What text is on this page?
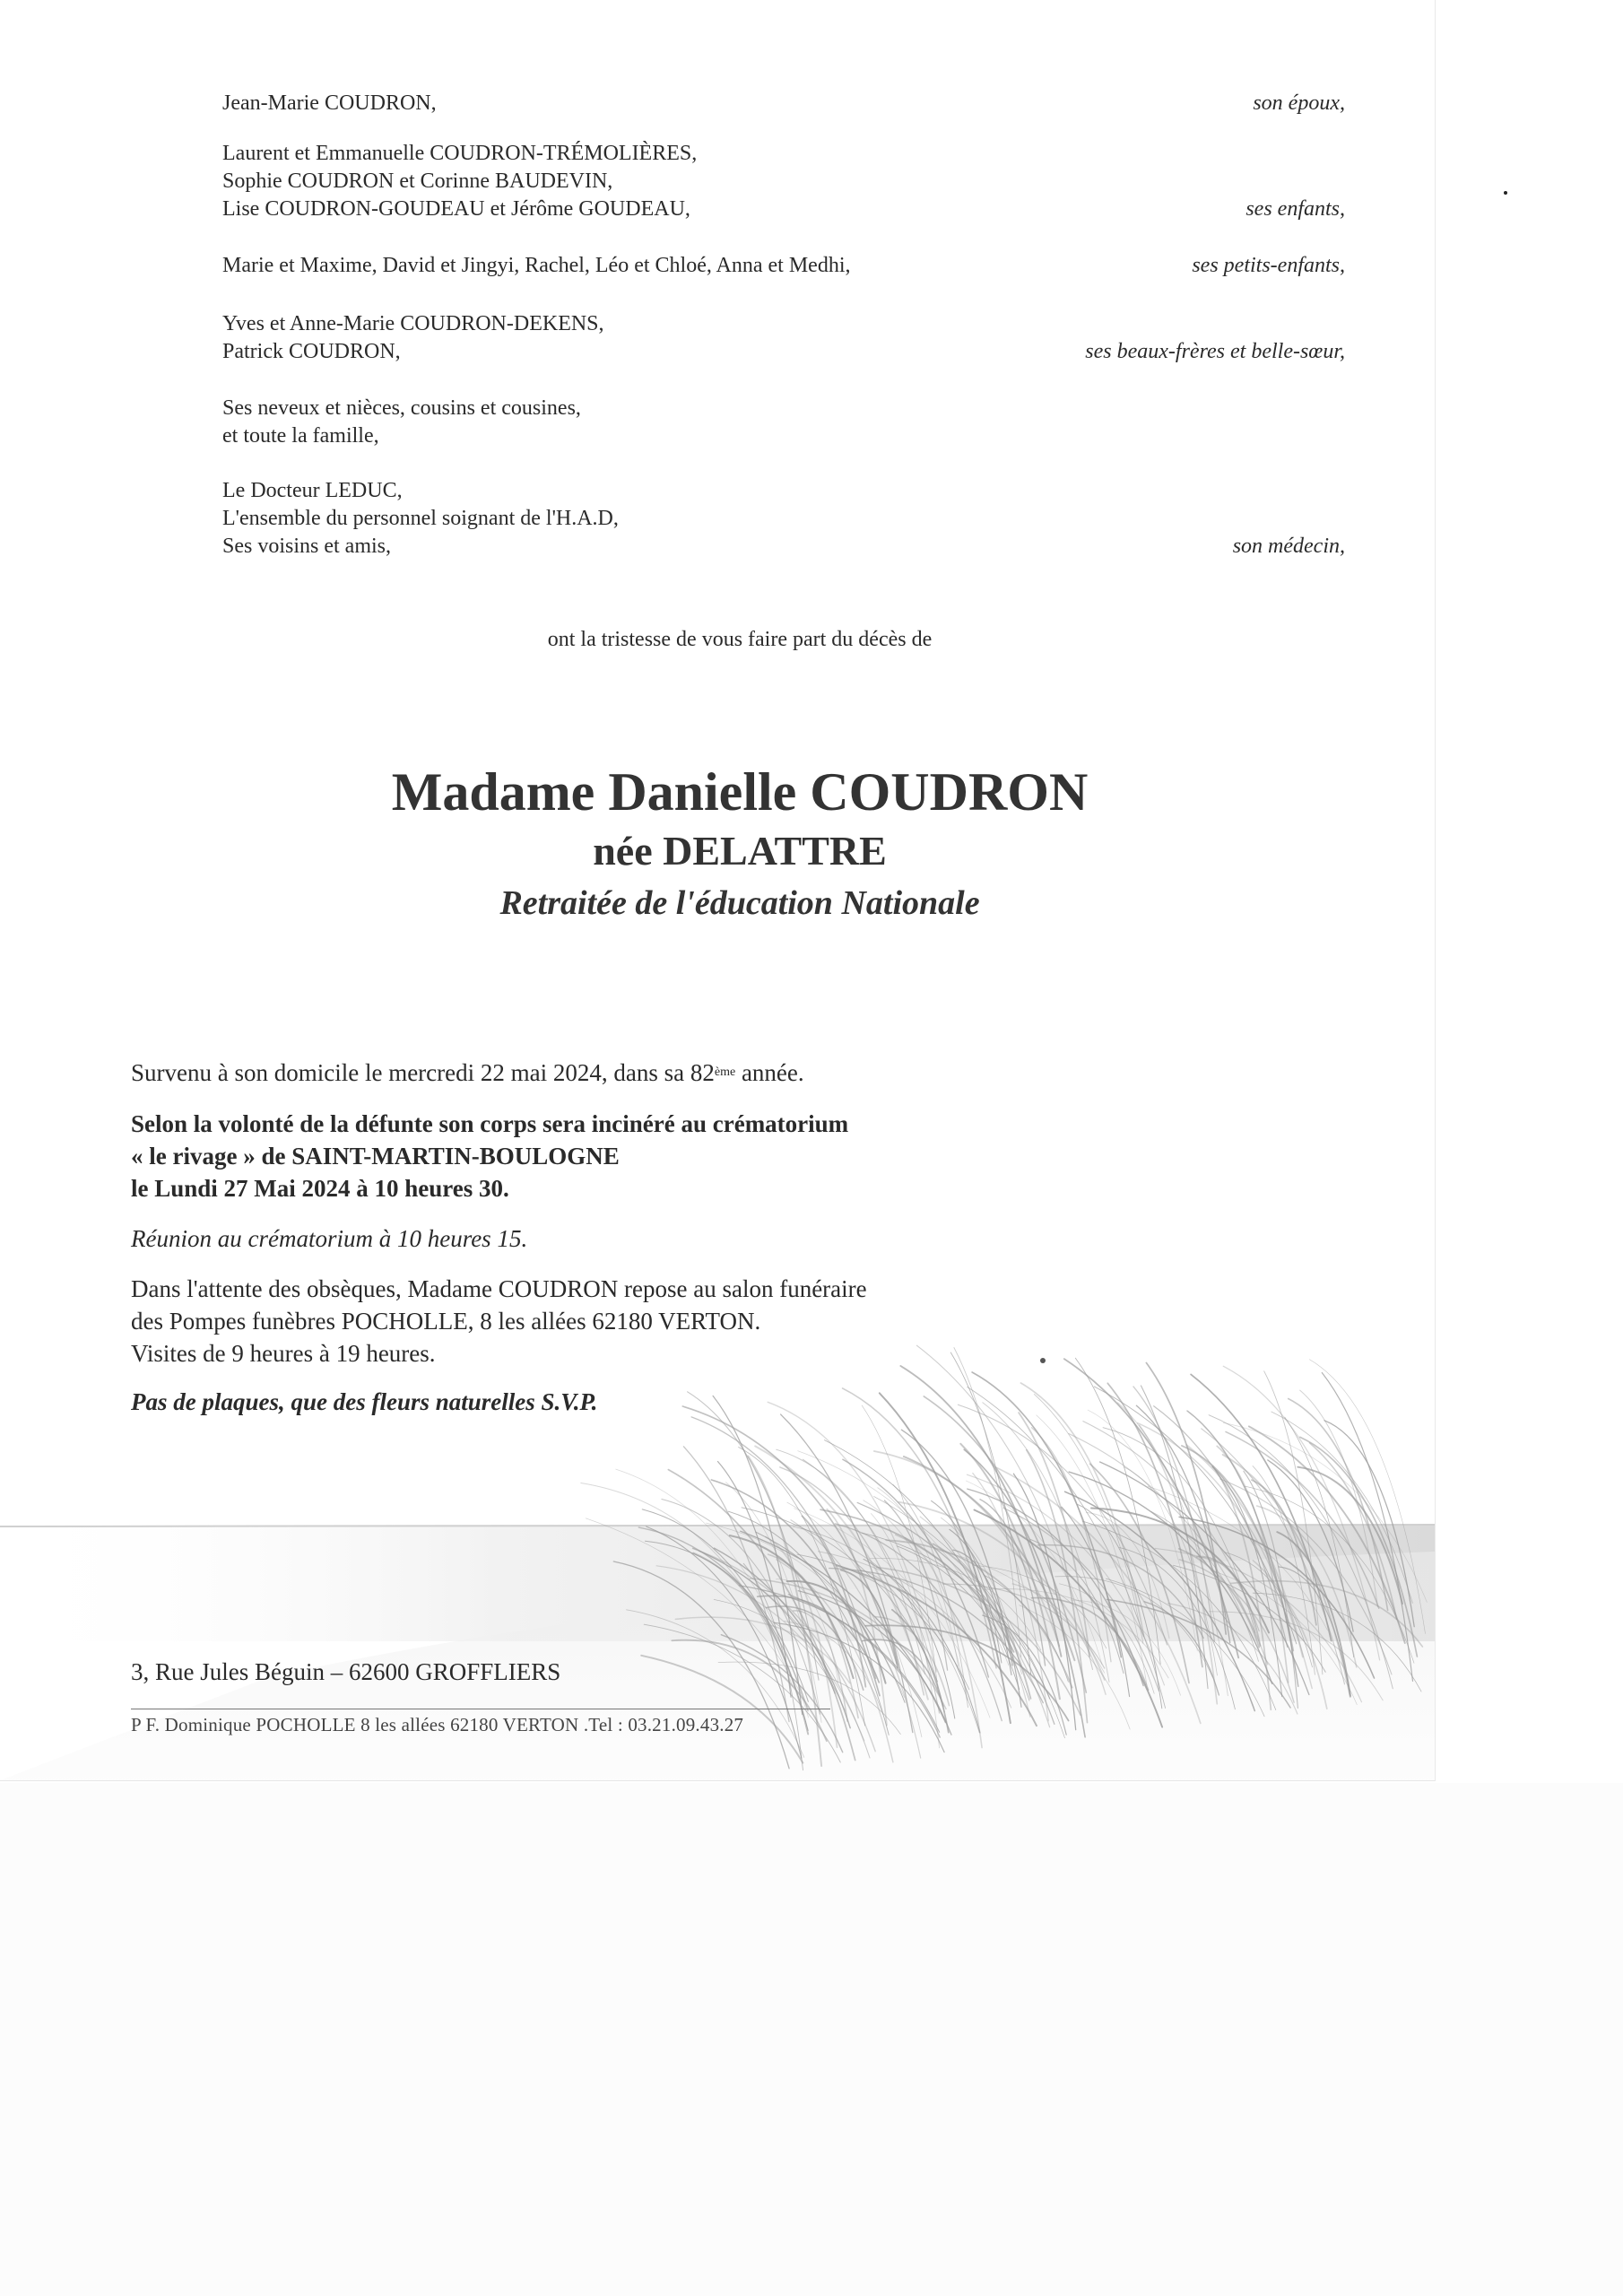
Jean-Marie COUDRON,	son époux,
Laurent et Emmanuelle COUDRON-TRÉMOLIÈRES,
Sophie COUDRON et Corinne BAUDEVIN,
Lise COUDRON-GOUDEAU et Jérôme GOUDEAU,	ses enfants,
Marie et Maxime, David et Jingyi, Rachel, Léo et Chloé, Anna et Medhi,	ses petits-enfants,
Yves et Anne-Marie COUDRON-DEKENS,
Patrick COUDRON,	ses beaux-frères et belle-sœur,
Ses neveux et nièces, cousins et cousines,
et toute la famille,
Le Docteur LEDUC,
L'ensemble du personnel soignant de l'H.A.D,
Ses voisins et amis,	son médecin,
ont la tristesse de vous faire part du décès de
Madame Danielle COUDRON
née DELATTRE
Retraitée de l'éducation Nationale

Survenu à son domicile le mercredi 22 mai 2024, dans sa 82ème année.

Selon la volonté de la défunte son corps sera incinéré au crématorium

« le rivage » de SAINT-MARTIN-BOULOGNE

le Lundi 27 Mai 2024 à 10 heures 30.

Réunion au crématorium à 10 heures 15.

Dans l'attente des obsèques, Madame COUDRON repose au salon funéraire

des Pompes funèbres POCHOLLE, 8 les allées 62180 VERTON.

Visites de 9 heures à 19 heures.

Pas de plaques, que des fleurs naturelles S.V.P.
3, Rue Jules Béguin – 62600 GROFFLIERS
P F. Dominique POCHOLLE 8 les allées 62180 VERTON .Tel : 03.21.09.43.27
